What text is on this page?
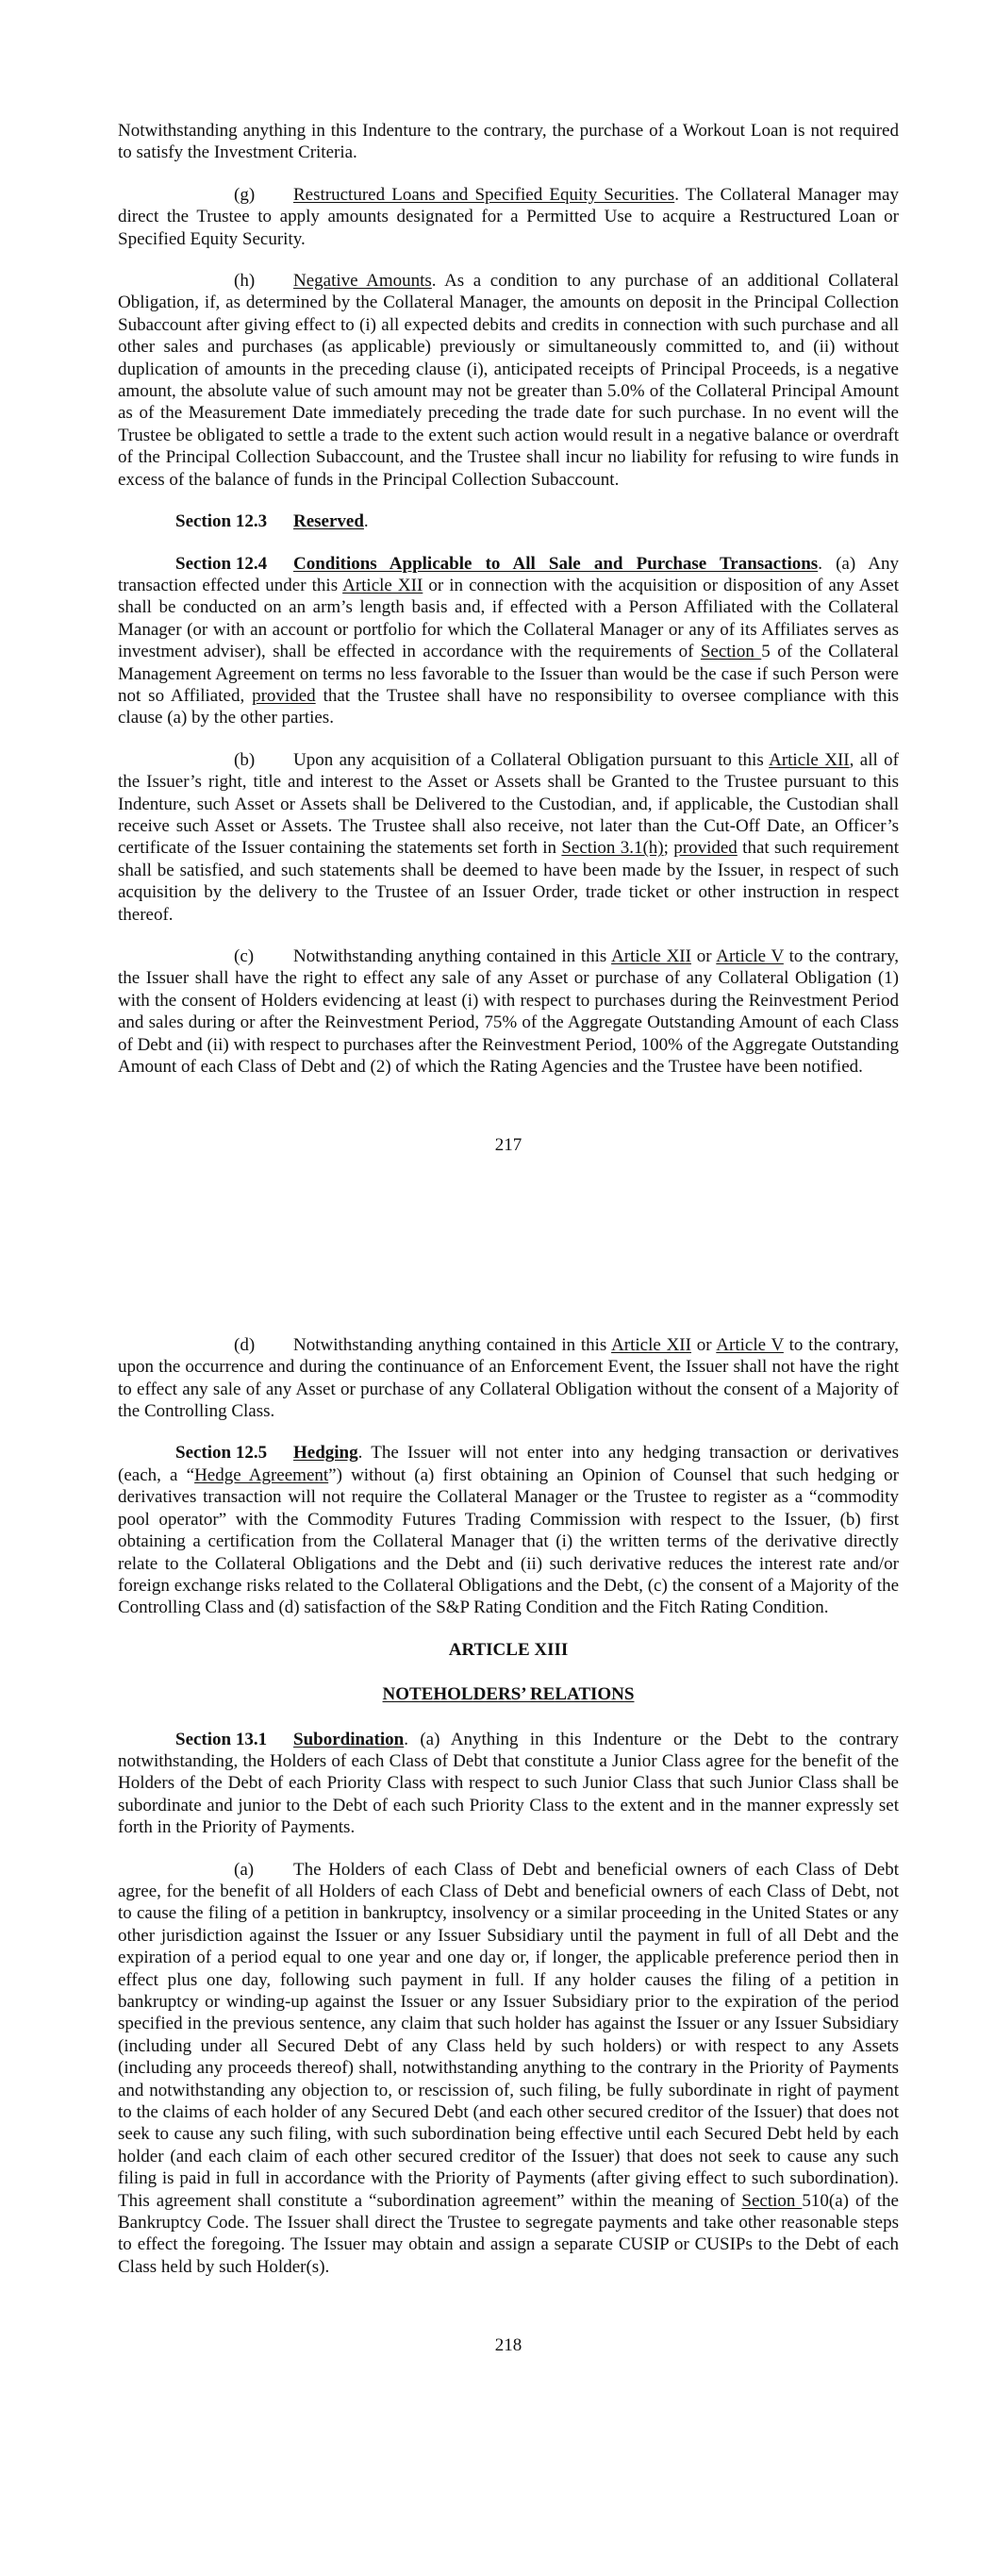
Notwithstanding anything in this Indenture to the contrary, the purchase of a Workout Loan is not required to satisfy the Investment Criteria.

(g) Restructured Loans and Specified Equity Securities. The Collateral Manager may direct the Trustee to apply amounts designated for a Permitted Use to acquire a Restructured Loan or Specified Equity Security.

(h) Negative Amounts. As a condition to any purchase of an additional Collateral Obligation, if, as determined by the Collateral Manager, the amounts on deposit in the Principal Collection Subaccount after giving effect to (i) all expected debits and credits in connection with such purchase and all other sales and purchases (as applicable) previously or simultaneously committed to, and (ii) without duplication of amounts in the preceding clause (i), anticipated receipts of Principal Proceeds, is a negative amount, the absolute value of such amount may not be greater than 5.0% of the Collateral Principal Amount as of the Measurement Date immediately preceding the trade date for such purchase. In no event will the Trustee be obligated to settle a trade to the extent such action would result in a negative balance or overdraft of the Principal Collection Subaccount, and the Trustee shall incur no liability for refusing to wire funds in excess of the balance of funds in the Principal Collection Subaccount.

Section 12.3 Reserved.

Section 12.4 Conditions Applicable to All Sale and Purchase Transactions. (a) Any transaction effected under this Article XII or in connection with the acquisition or disposition of any Asset shall be conducted on an arm’s length basis and, if effected with a Person Affiliated with the Collateral Manager (or with an account or portfolio for which the Collateral Manager or any of its Affiliates serves as investment adviser), shall be effected in accordance with the requirements of Section 5 of the Collateral Management Agreement on terms no less favorable to the Issuer than would be the case if such Person were not so Affiliated, provided that the Trustee shall have no responsibility to oversee compliance with this clause (a) by the other parties.

(b) Upon any acquisition of a Collateral Obligation pursuant to this Article XII, all of the Issuer’s right, title and interest to the Asset or Assets shall be Granted to the Trustee pursuant to this Indenture, such Asset or Assets shall be Delivered to the Custodian, and, if applicable, the Custodian shall receive such Asset or Assets. The Trustee shall also receive, not later than the Cut-Off Date, an Officer’s certificate of the Issuer containing the statements set forth in Section 3.1(h); provided that such requirement shall be satisfied, and such statements shall be deemed to have been made by the Issuer, in respect of such acquisition by the delivery to the Trustee of an Issuer Order, trade ticket or other instruction in respect thereof.

(c) Notwithstanding anything contained in this Article XII or Article V to the contrary, the Issuer shall have the right to effect any sale of any Asset or purchase of any Collateral Obligation (1) with the consent of Holders evidencing at least (i) with respect to purchases during the Reinvestment Period and sales during or after the Reinvestment Period, 75% of the Aggregate Outstanding Amount of each Class of Debt and (ii) with respect to purchases after the Reinvestment Period, 100% of the Aggregate Outstanding Amount of each Class of Debt and (2) of which the Rating Agencies and the Trustee have been notified.

217

(d) Notwithstanding anything contained in this Article XII or Article V to the contrary, upon the occurrence and during the continuance of an Enforcement Event, the Issuer shall not have the right to effect any sale of any Asset or purchase of any Collateral Obligation without the consent of a Majority of the Controlling Class.

Section 12.5 Hedging. The Issuer will not enter into any hedging transaction or derivatives (each, a “Hedge Agreement”) without (a) first obtaining an Opinion of Counsel that such hedging or derivatives transaction will not require the Collateral Manager or the Trustee to register as a “commodity pool operator” with the Commodity Futures Trading Commission with respect to the Issuer, (b) first obtaining a certification from the Collateral Manager that (i) the written terms of the derivative directly relate to the Collateral Obligations and the Debt and (ii) such derivative reduces the interest rate and/or foreign exchange risks related to the Collateral Obligations and the Debt, (c) the consent of a Majority of the Controlling Class and (d) satisfaction of the S&P Rating Condition and the Fitch Rating Condition.

ARTICLE XIII
NOTEHOLDERS’ RELATIONS

Section 13.1 Subordination. (a) Anything in this Indenture or the Debt to the contrary notwithstanding, the Holders of each Class of Debt that constitute a Junior Class agree for the benefit of the Holders of the Debt of each Priority Class with respect to such Junior Class that such Junior Class shall be subordinate and junior to the Debt of each such Priority Class to the extent and in the manner expressly set forth in the Priority of Payments.

(a) The Holders of each Class of Debt and beneficial owners of each Class of Debt agree, for the benefit of all Holders of each Class of Debt and beneficial owners of each Class of Debt, not to cause the filing of a petition in bankruptcy, insolvency or a similar proceeding in the United States or any other jurisdiction against the Issuer or any Issuer Subsidiary until the payment in full of all Debt and the expiration of a period equal to one year and one day or, if longer, the applicable preference period then in effect plus one day, following such payment in full. If any holder causes the filing of a petition in bankruptcy or winding-up against the Issuer or any Issuer Subsidiary prior to the expiration of the period specified in the previous sentence, any claim that such holder has against the Issuer or any Issuer Subsidiary (including under all Secured Debt of any Class held by such holders) or with respect to any Assets (including any proceeds thereof) shall, notwithstanding anything to the contrary in the Priority of Payments and notwithstanding any objection to, or rescission of, such filing, be fully subordinate in right of payment to the claims of each holder of any Secured Debt (and each other secured creditor of the Issuer) that does not seek to cause any such filing, with such subordination being effective until each Secured Debt held by each holder (and each claim of each other secured creditor of the Issuer) that does not seek to cause any such filing is paid in full in accordance with the Priority of Payments (after giving effect to such subordination). This agreement shall constitute a “subordination agreement” within the meaning of Section 510(a) of the Bankruptcy Code. The Issuer shall direct the Trustee to segregate payments and take other reasonable steps to effect the foregoing. The Issuer may obtain and assign a separate CUSIP or CUSIPs to the Debt of each Class held by such Holder(s).

218
